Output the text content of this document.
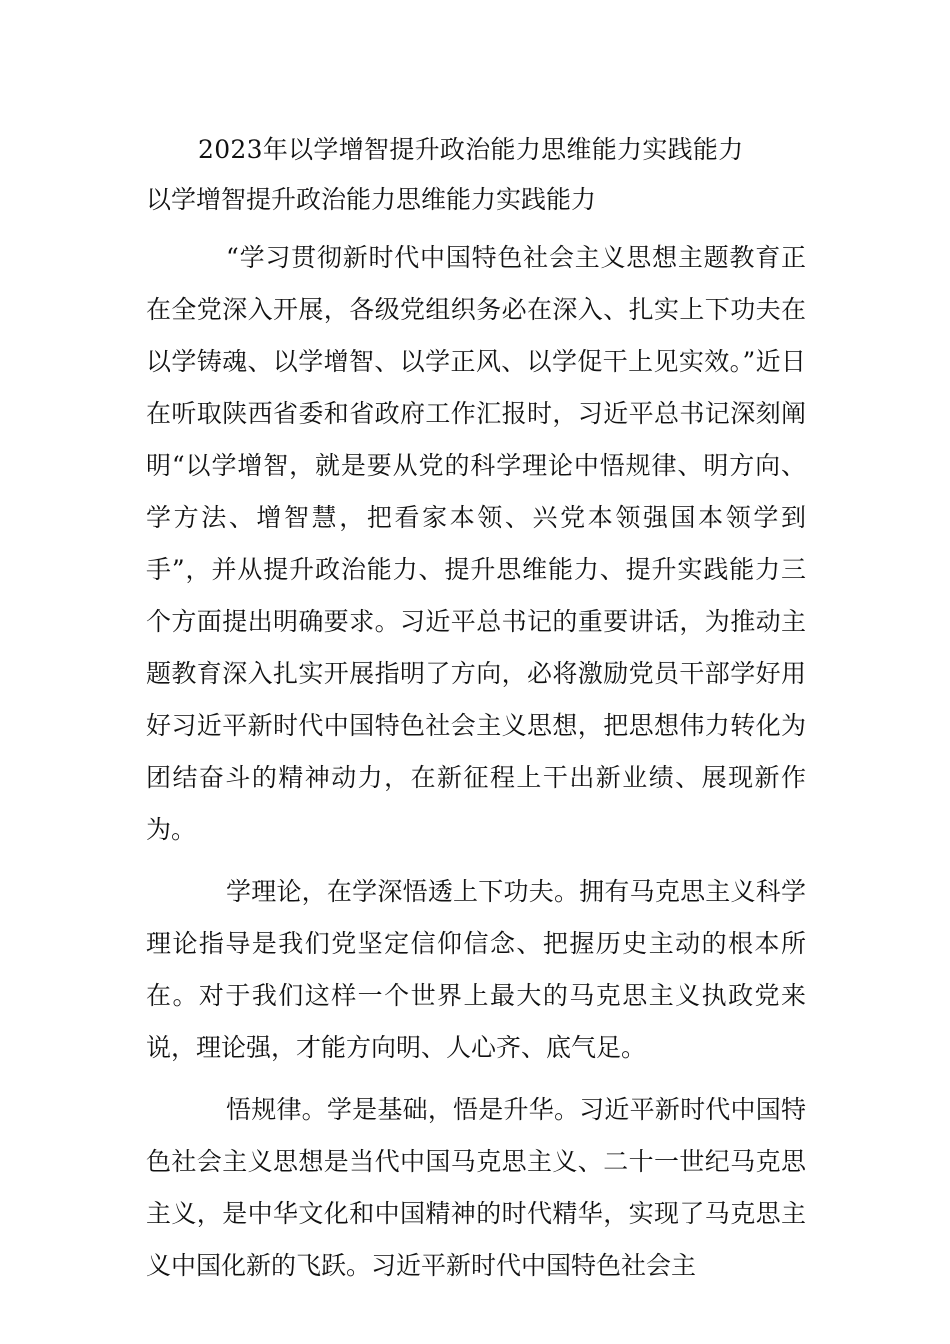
2023年以学增智提升政治能力思维能力实践能力
以学增智提升政治能力思维能力实践能力

“学习贯彻新时代中国特色社会主义思想主题教育正在全党深入开展，各级党组织务必在深入、扎实上下功夫在以学铸魂、以学增智、以学正风、以学促干上见实效。”近日在听取陕西省委和省政府工作汇报时，习近平总书记深刻阐明“以学增智，就是要从党的科学理论中悟规律、明方向、学方法、增智慧，把看家本领、兴党本领强国本领学到手”，并从提升政治能力、提升思维能力、提升实践能力三个方面提出明确要求。习近平总书记的重要讲话，为推动主题教育深入扎实开展指明了方向，必将激励党员干部学好用好习近平新时代中国特色社会主义思想，把思想伟力转化为团结奋斗的精神动力，在新征程上干出新业绩、展现新作为。

学理论，在学深悟透上下功夫。拥有马克思主义科学理论指导是我们党坚定信仰信念、把握历史主动的根本所在。对于我们这样一个世界上最大的马克思主义执政党来说，理论强，才能方向明、人心齐、底气足。

悟规律。学是基础，悟是升华。习近平新时代中国特色社会主义思想是当代中国马克思主义、二十一世纪马克思主义，是中华文化和中国精神的时代精华，实现了马克思主义中国化新的飞跃。习近平新时代中国特色社会主
